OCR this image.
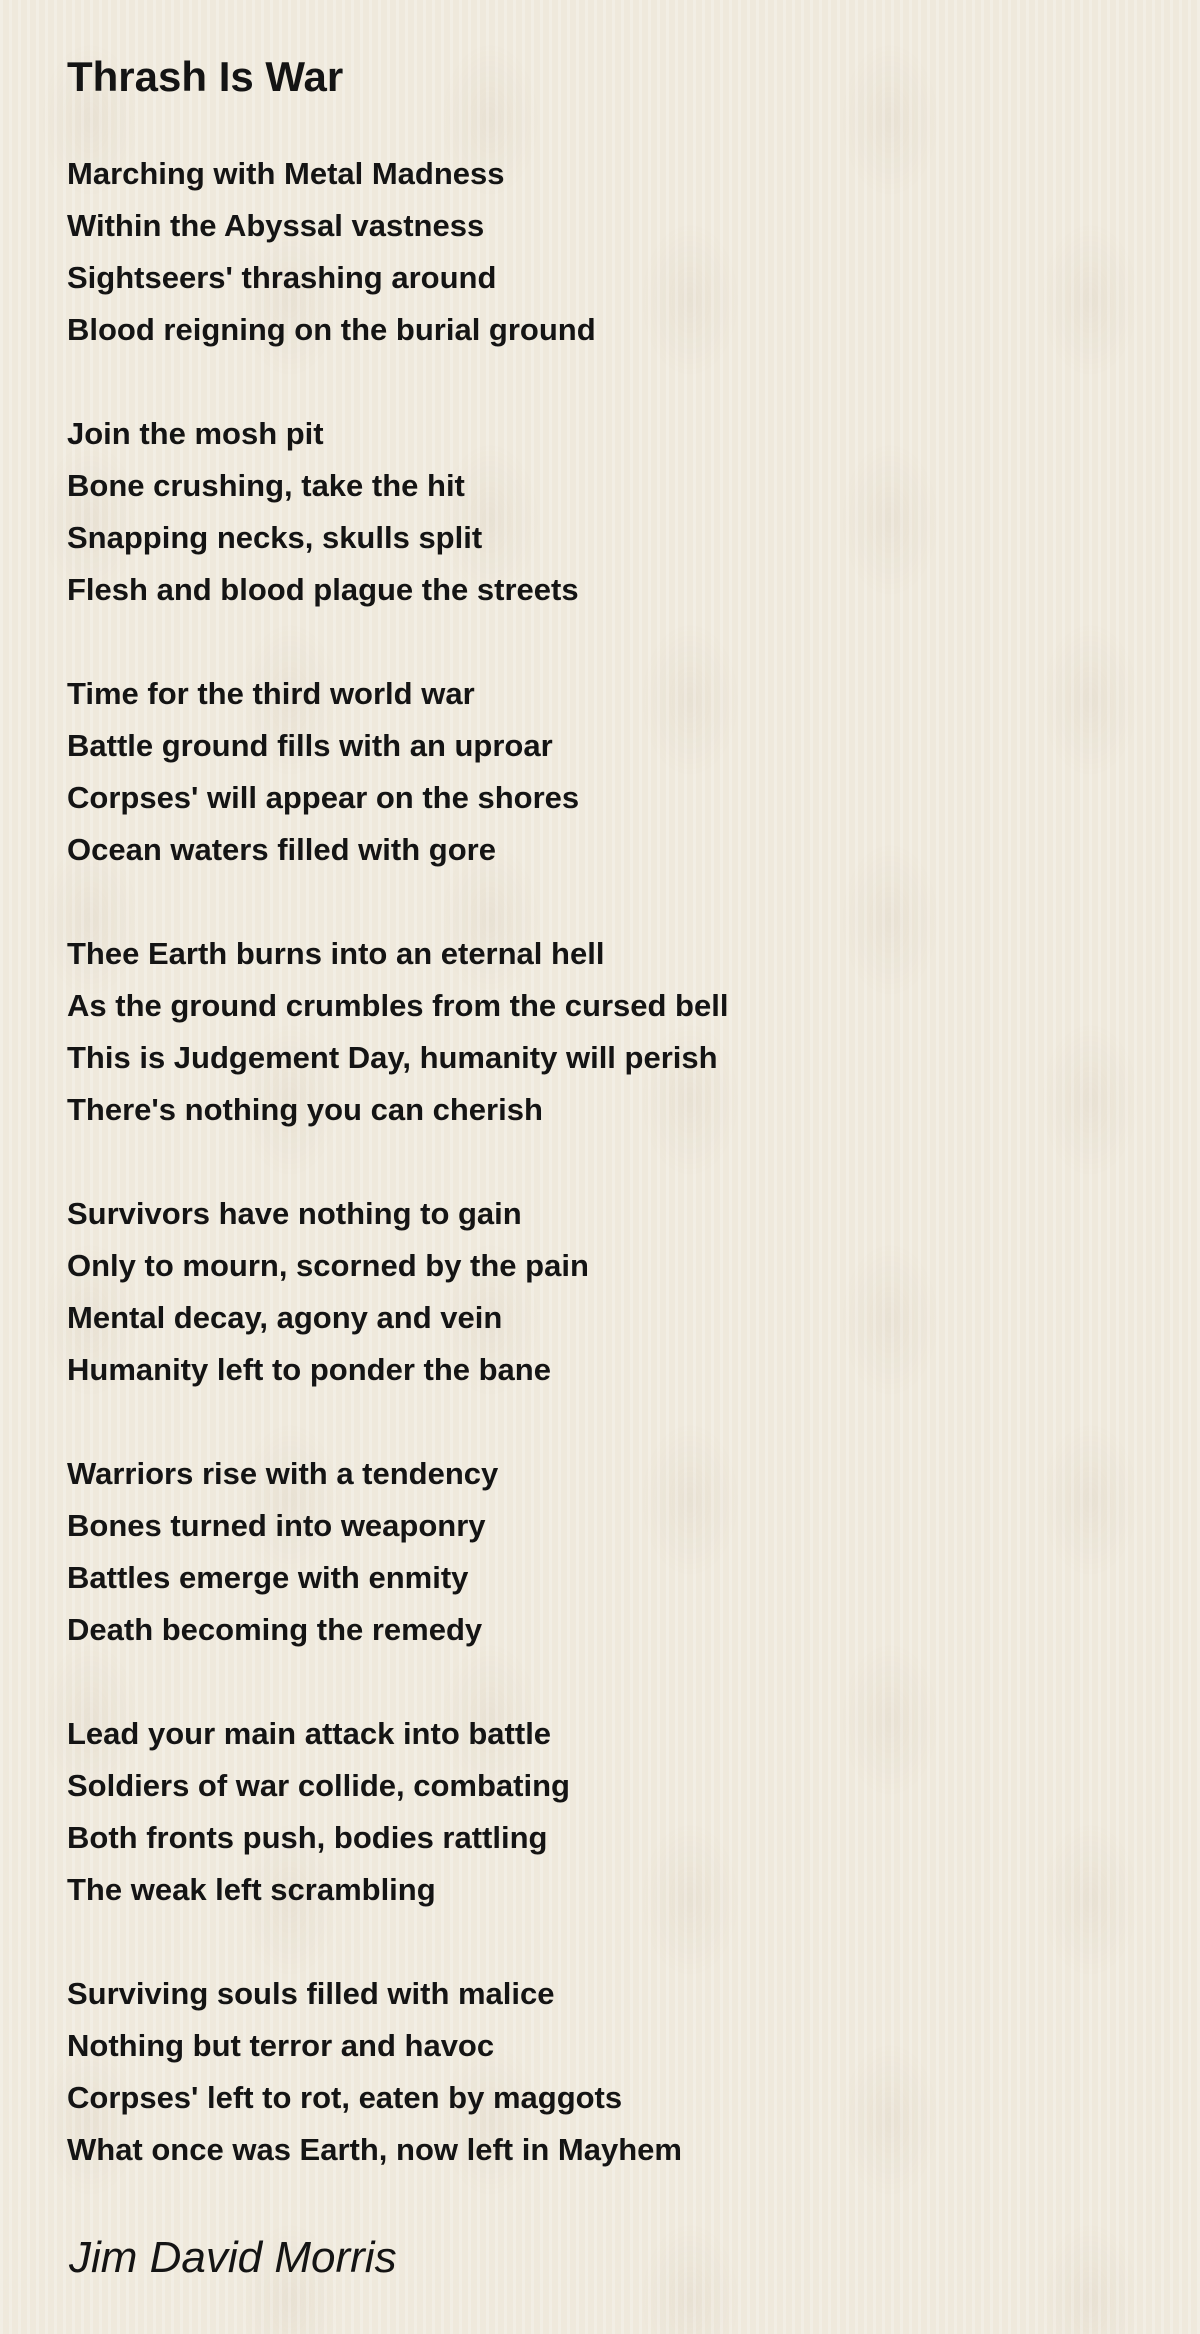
Thrash Is War
Marching with Metal Madness
Within the Abyssal vastness
Sightseers' thrashing around
Blood reigning on the burial ground
Join the mosh pit
Bone crushing, take the hit
Snapping necks, skulls split
Flesh and blood plague the streets
Time for the third world war
Battle ground fills with an uproar
Corpses' will appear on the shores
Ocean waters filled with gore
Thee Earth burns into an eternal hell
As the ground crumbles from the cursed bell
This is Judgement Day, humanity will perish
There's nothing you can cherish
Survivors have nothing to gain
Only to mourn, scorned by the pain
Mental decay, agony and vein
Humanity left to ponder the bane
Warriors rise with a tendency
Bones turned into weaponry
Battles emerge with enmity
Death becoming the remedy
Lead your main attack into battle
Soldiers of war collide, combating
Both fronts push, bodies rattling
The weak left scrambling
Surviving souls filled with malice
Nothing but terror and havoc
Corpses' left to rot, eaten by maggots
What once was Earth, now left in Mayhem
Jim David Morris
